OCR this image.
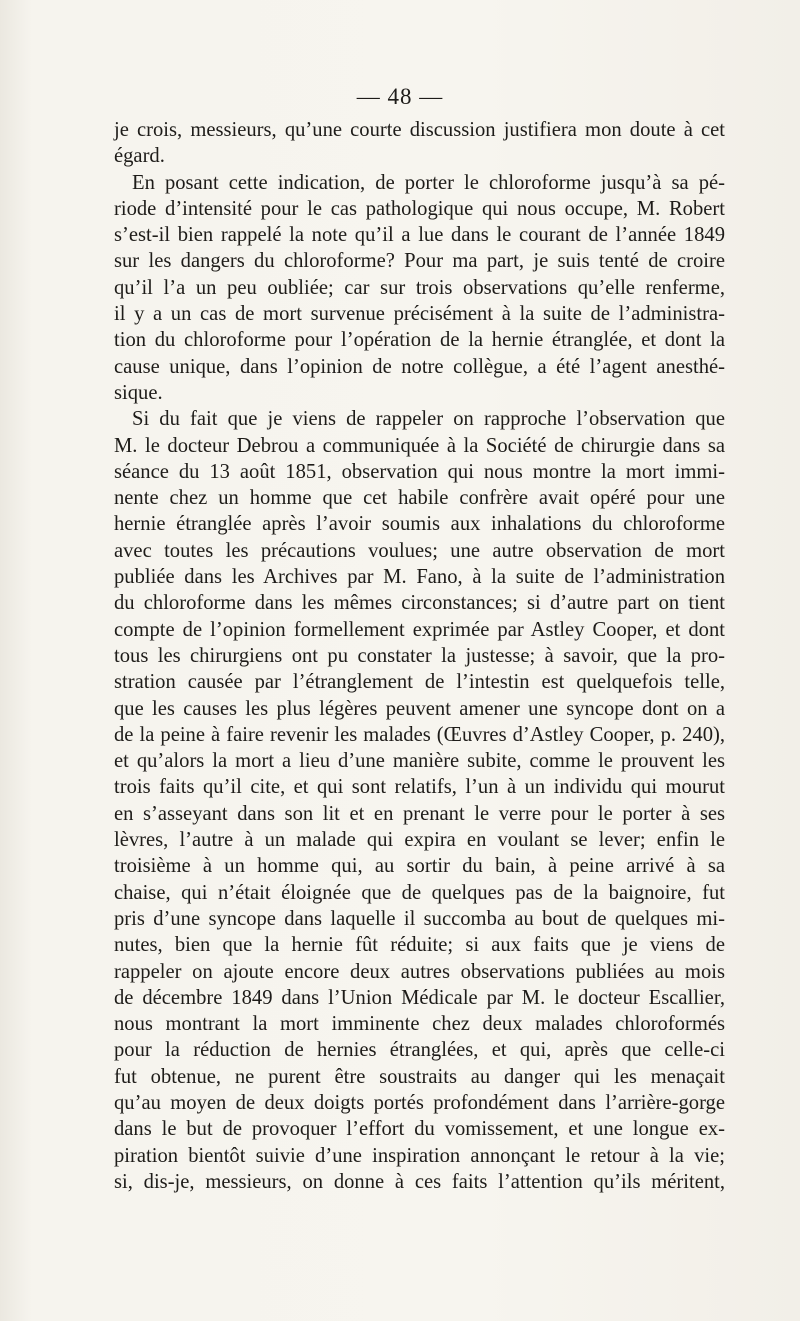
— 48 —
je crois, messieurs, qu’une courte discussion justifiera mon doute à cet
égard.
En posant cette indication, de porter le chloroforme jusqu’à sa pé-
riode d’intensité pour le cas pathologique qui nous occupe, M. Robert
s’est-il bien rappelé la note qu’il a lue dans le courant de l’année 1849
sur les dangers du chloroforme? Pour ma part, je suis tenté de croire
qu’il l’a un peu oubliée; car sur trois observations qu’elle renferme,
il y a un cas de mort survenue précisément à la suite de l’administra-
tion du chloroforme pour l’opération de la hernie étranglée, et dont la
cause unique, dans l’opinion de notre collègue, a été l’agent anesthé-
sique.
Si du fait que je viens de rappeler on rapproche l’observation que
M. le docteur Debrou a communiquée à la Société de chirurgie dans sa
séance du 13 août 1851, observation qui nous montre la mort immi-
nente chez un homme que cet habile confrère avait opéré pour une
hernie étranglée après l’avoir soumis aux inhalations du chloroforme
avec toutes les précautions voulues; une autre observation de mort
publiée dans les Archives par M. Fano, à la suite de l’administration
du chloroforme dans les mêmes circonstances; si d’autre part on tient
compte de l’opinion formellement exprimée par Astley Cooper, et dont
tous les chirurgiens ont pu constater la justesse; à savoir, que la pro-
stration causée par l’étranglement de l’intestin est quelquefois telle,
que les causes les plus légères peuvent amener une syncope dont on a
de la peine à faire revenir les malades (Œuvres d’Astley Cooper, p. 240),
et qu’alors la mort a lieu d’une manière subite, comme le prouvent les
trois faits qu’il cite, et qui sont relatifs, l’un à un individu qui mourut
en s’asseyant dans son lit et en prenant le verre pour le porter à ses
lèvres, l’autre à un malade qui expira en voulant se lever; enfin le
troisième à un homme qui, au sortir du bain, à peine arrivé à sa
chaise, qui n’était éloignée que de quelques pas de la baignoire, fut
pris d’une syncope dans laquelle il succomba au bout de quelques mi-
nutes, bien que la hernie fût réduite; si aux faits que je viens de
rappeler on ajoute encore deux autres observations publiées au mois
de décembre 1849 dans l’Union Médicale par M. le docteur Escallier,
nous montrant la mort imminente chez deux malades chloroformés
pour la réduction de hernies étranglées, et qui, après que celle-ci
fut obtenue, ne purent être soustraits au danger qui les menaçait
qu’au moyen de deux doigts portés profondément dans l’arrière-gorge
dans le but de provoquer l’effort du vomissement, et une longue ex-
piration bientôt suivie d’une inspiration annonçant le retour à la vie;
si, dis-je, messieurs, on donne à ces faits l’attention qu’ils méritent,
